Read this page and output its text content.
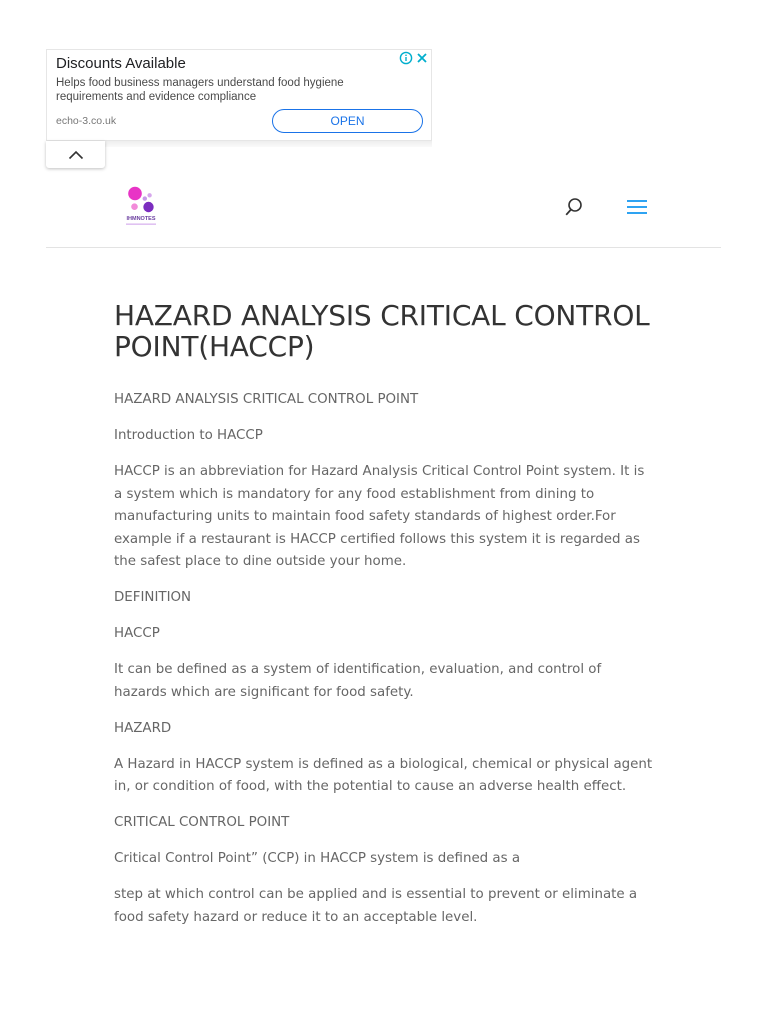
Discounts Available
Helps food business managers understand food hygiene requirements and evidence compliance
echo-3.co.uk	OPEN
IHMNOTES
HAZARD ANALYSIS CRITICAL CONTROL POINT(HACCP)

HAZARD ANALYSIS CRITICAL CONTROL POINT

Introduction to HACCP

HACCP is an abbreviation for Hazard Analysis Critical Control Point system. It is a system which is mandatory for any food establishment from dining to manufacturing units to maintain food safety standards of highest order.For example if a restaurant is HACCP certified follows this system it is regarded as the safest place to dine outside your home.

DEFINITION

HACCP

It can be defined as a system of identification, evaluation, and control of hazards which are significant for food safety.

HAZARD

A Hazard in HACCP system is defined as a biological, chemical or physical agent in, or condition of food, with the potential to cause an adverse health effect.

CRITICAL CONTROL POINT

Critical Control Point” (CCP) in HACCP system is defined as a

step at which control can be applied and is essential to prevent or eliminate a food safety hazard or reduce it to an acceptable level.
